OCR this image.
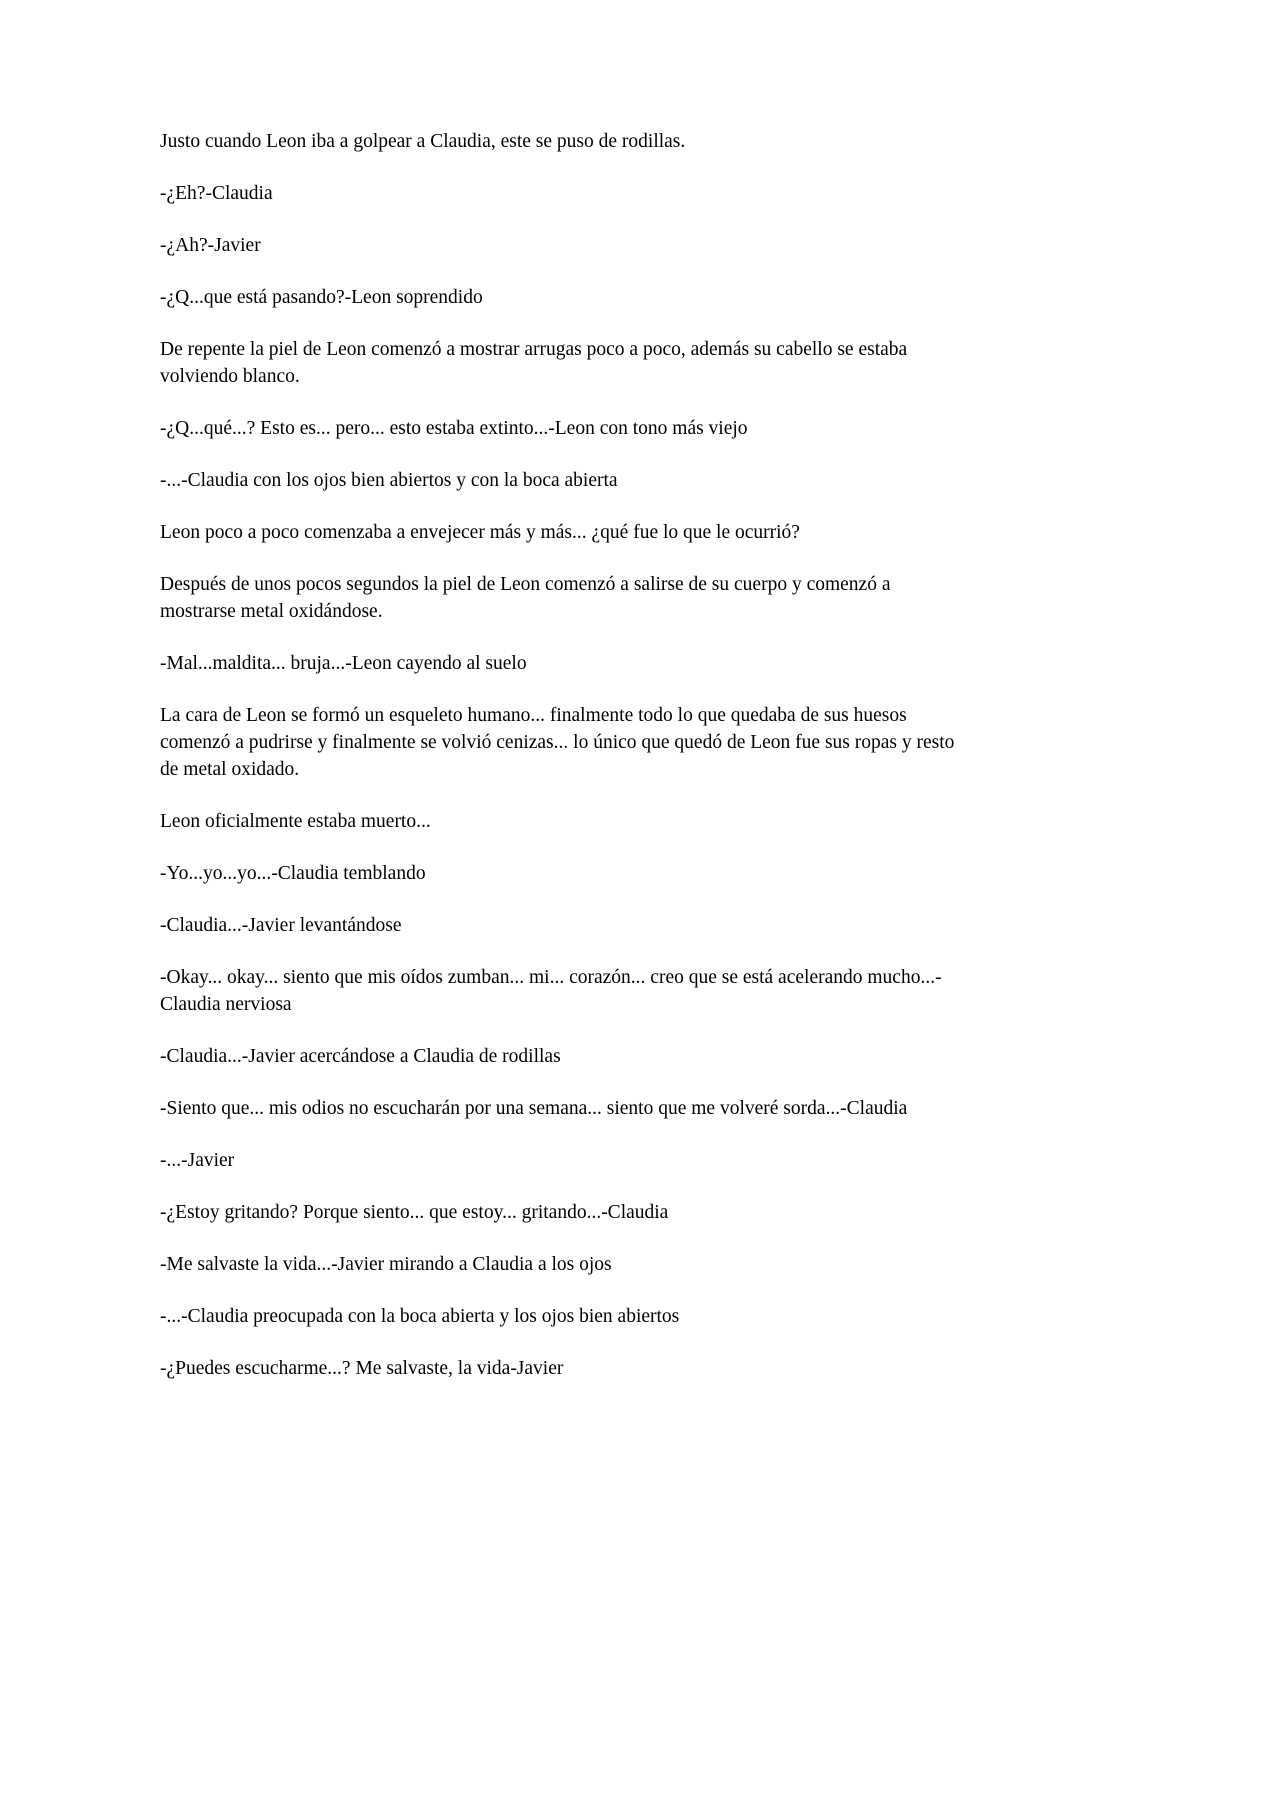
Justo cuando Leon iba a golpear a Claudia, este se puso de rodillas.

-¿Eh?-Claudia

-¿Ah?-Javier

-¿Q...que está pasando?-Leon soprendido

De repente la piel de Leon comenzó a mostrar arrugas poco a poco, además su cabello se estaba volviendo blanco.

-¿Q...qué...? Esto es... pero... esto estaba extinto...-Leon con tono más viejo

-...-Claudia con los ojos bien abiertos y con la boca abierta

Leon poco a poco comenzaba a envejecer más y más... ¿qué fue lo que le ocurrió?

Después de unos pocos segundos la piel de Leon comenzó a salirse de su cuerpo y comenzó a mostrarse metal oxidándose.

-Mal...maldita... bruja...-Leon cayendo al suelo

La cara de Leon se formó un esqueleto humano... finalmente todo lo que quedaba de sus huesos comenzó a pudrirse y finalmente se volvió cenizas... lo único que quedó de Leon fue sus ropas y resto de metal oxidado.

Leon oficialmente estaba muerto...

-Yo...yo...yo...-Claudia temblando

-Claudia...-Javier levantándose

-Okay... okay... siento que mis oídos zumban... mi... corazón... creo que se está acelerando mucho...-Claudia nerviosa

-Claudia...-Javier acercándose a Claudia de rodillas

-Siento que... mis odios no escucharán por una semana... siento que me volveré sorda...-Claudia

-...-Javier

-¿Estoy gritando? Porque siento... que estoy... gritando...-Claudia

-Me salvaste la vida...-Javier mirando a Claudia a los ojos

-...-Claudia preocupada con la boca abierta y los ojos bien abiertos

-¿Puedes escucharme...? Me salvaste, la vida-Javier
